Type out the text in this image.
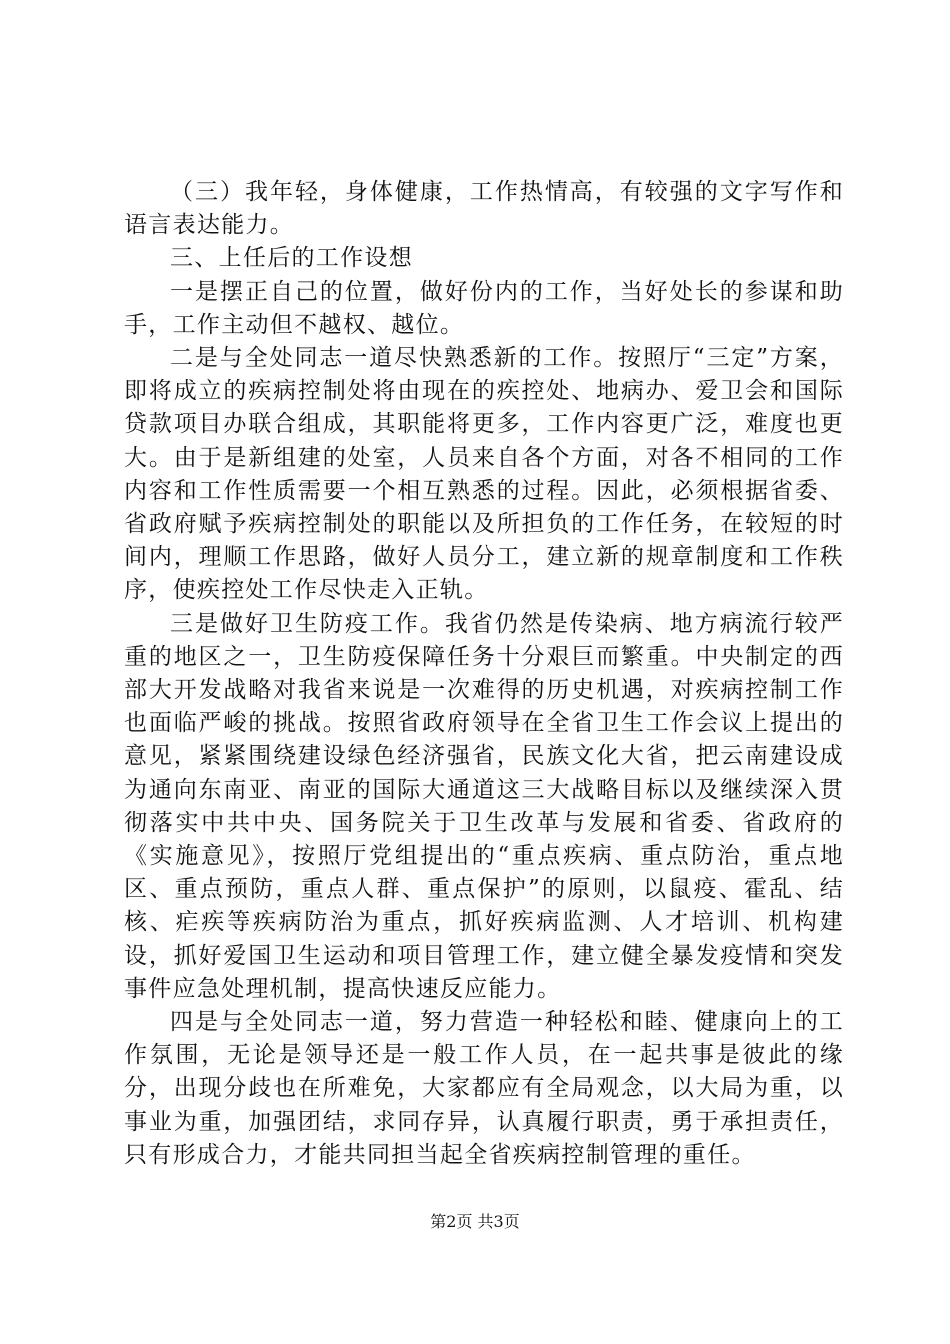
（三）我年轻，身体健康，工作热情高，有较强的文字写作和语言表达能力。

三、上任后的工作设想

一是摆正自己的位置，做好份内的工作，当好处长的参谋和助手，工作主动但不越权、越位。

二是与全处同志一道尽快熟悉新的工作。按照厅“三定”方案，即将成立的疾病控制处将由现在的疾控处、地病办、爱卫会和国际贷款项目办联合组成，其职能将更多，工作内容更广泛，难度也更大。由于是新组建的处室，人员来自各个方面，对各不相同的工作内容和工作性质需要一个相互熟悉的过程。因此，必须根据省委、省政府赋予疾病控制处的职能以及所担负的工作任务，在较短的时间内，理顺工作思路，做好人员分工，建立新的规章制度和工作秩序，使疾控处工作尽快走入正轨。

三是做好卫生防疫工作。我省仍然是传染病、地方病流行较严重的地区之一，卫生防疫保障任务十分艰巨而繁重。中央制定的西部大开发战略对我省来说是一次难得的历史机遇，对疾病控制工作也面临严峻的挑战。按照省政府领导在全省卫生工作会议上提出的意见，紧紧围绕建设绿色经济强省，民族文化大省，把云南建设成为通向东南亚、南亚的国际大通道这三大战略目标以及继续深入贯彻落实中共中央、国务院关于卫生改革与发展和省委、省政府的《实施意见》，按照厅党组提出的“重点疾病、重点防治，重点地区、重点预防，重点人群、重点保护”的原则，以鼠疫、霍乱、结核、疟疾等疾病防治为重点，抓好疾病监测、人才培训、机构建设，抓好爱国卫生运动和项目管理工作，建立健全暴发疫情和突发事件应急处理机制，提高快速反应能力。

四是与全处同志一道，努力营造一种轻松和睦、健康向上的工作氛围，无论是领导还是一般工作人员，在一起共事是彼此的缘分，出现分歧也在所难免，大家都应有全局观念，以大局为重，以事业为重，加强团结，求同存异，认真履行职责，勇于承担责任，只有形成合力，才能共同担当起全省疾病控制管理的重任。

第2页 共3页
